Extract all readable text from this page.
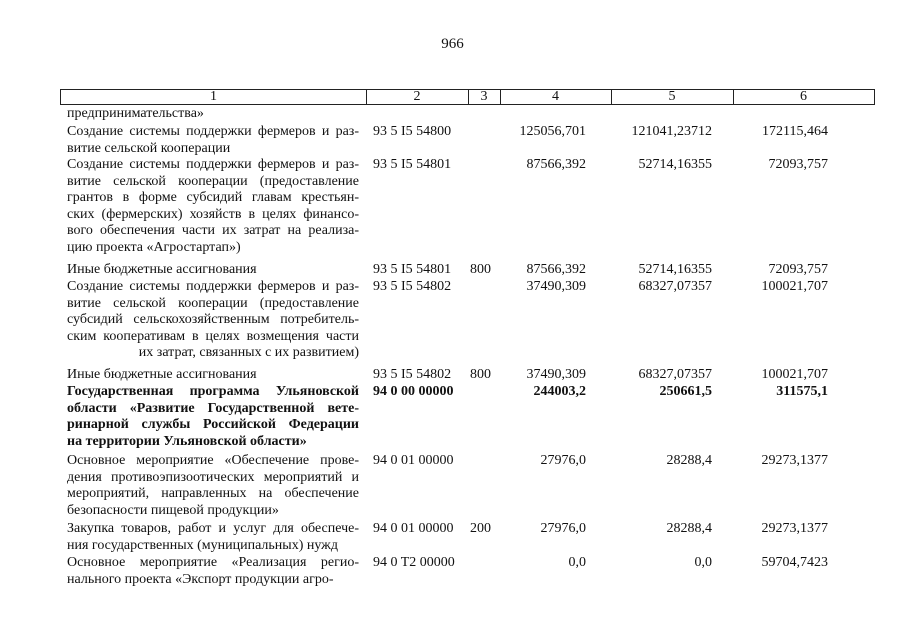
966
1	2	3	4	5	6
предпринимательства»
Создание системы поддержки фермеров и раз-
витие сельской кооперации
93 5 I5 54800	125056,701	121041,23712	172115,464
Создание системы поддержки фермеров и раз-
витие сельской кооперации (предоставление
грантов в форме субсидий главам крестьян-
ских (фермерских) хозяйств в целях финансо-
вого обеспечения части их затрат на реализа-
цию проекта «Агростартап»)
93 5 I5 54801	87566,392	52714,16355	72093,757
Иные бюджетные ассигнования	93 5 I5 54801 800	87566,392	52714,16355	72093,757
Создание системы поддержки фермеров и раз-
витие сельской кооперации (предоставление
субсидий сельскохозяйственным потребитель-
ским кооперативам в целях возмещения части
их затрат, связанных с их развитием)
93 5 I5 54802	37490,309	68327,07357	100021,707
Иные бюджетные ассигнования	93 5 I5 54802 800	37490,309	68327,07357	100021,707
Государственная программа Ульяновской
области «Развитие Государственной вете-
ринарной службы Российской Федерации
на территории Ульяновской области»
94 0 00 00000	244003,2	250661,5	311575,1
Основное мероприятие «Обеспечение прове-
дения противоэпизоотических мероприятий и
мероприятий, направленных на обеспечение
безопасности пищевой продукции»
94 0 01 00000	27976,0	28288,4	29273,1377
Закупка товаров, работ и услуг для обеспече-
ния государственных (муниципальных) нужд
94 0 01 00000 200	27976,0	28288,4	29273,1377
Основное мероприятие «Реализация регио-
нального проекта «Экспорт продукции агро-
94 0 T2 00000	0,0	0,0	59704,7423
